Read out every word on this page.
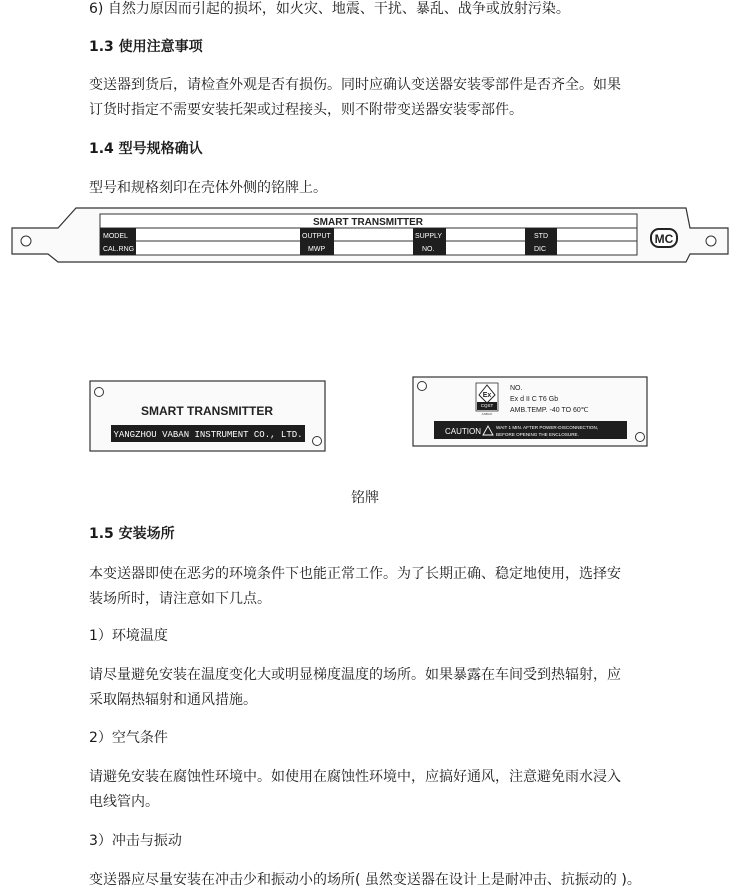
6) 自然力原因而引起的损坏，如火灾、地震、干扰、暴乱、战争或放射污染。
1.3 使用注意事项
变送器到货后，请检查外观是否有损伤。同时应确认变送器安装零部件是否齐全。如果
订货时指定不需要安装托架或过程接头，则不附带变送器安装零部件。
1.4 型号规格确认
型号和规格刻印在壳体外侧的铭牌上。
SMART TRANSMITTER
MODEL
CAL.RNG
OUTPUT
MWP
SUPPLY
NO.
STD
DIC
MC
SMART TRANSMITTER
YANGZHOU VABAN INSTRUMENT CO., LTD.
Ex
CQST
ANBAO
NO.
Ex d II C T6 Gb
AMB.TEMP. -40 TO 60℃
CAUTION	WAIT 1 MIN. AFTER POWER-DISCONNECTION,
BEFORE OPENING THE ENCLOSURE.
铭牌
1.5 安装场所
本变送器即使在恶劣的环境条件下也能正常工作。为了长期正确、稳定地使用，选择安
装场所时，请注意如下几点。
1）环境温度
请尽量避免安装在温度变化大或明显梯度温度的场所。如果暴露在车间受到热辐射，应
采取隔热辐射和通风措施。
2）空气条件
请避免安装在腐蚀性环境中。如使用在腐蚀性环境中，应搞好通风，注意避免雨水浸入
电线管内。
3）冲击与振动
变送器应尽量安装在冲击少和振动小的场所( 虽然变送器在设计上是耐冲击、抗振动的 )。
